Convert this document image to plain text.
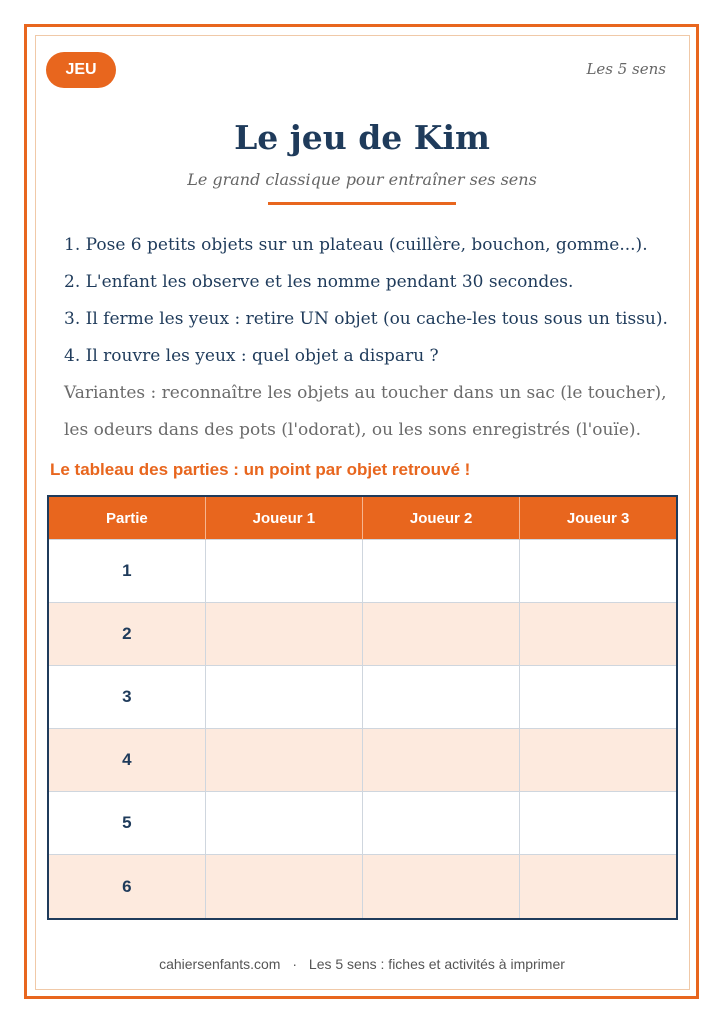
JEU	Les 5 sens
Le jeu de Kim
Le grand classique pour entraîner ses sens
1. Pose 6 petits objets sur un plateau (cuillère, bouchon, gomme...).
2. L'enfant les observe et les nomme pendant 30 secondes.
3. Il ferme les yeux : retire UN objet (ou cache-les tous sous un tissu).
4. Il rouvre les yeux : quel objet a disparu ?
Variantes : reconnaître les objets au toucher dans un sac (le toucher),
les odeurs dans des pots (l'odorat), ou les sons enregistrés (l'ouïe).
Le tableau des parties : un point par objet retrouvé !
Partie	Joueur 1	Joueur 2	Joueur 3
1			
2			
3			
4			
5			
6			
cahiersenfants.com · Les 5 sens : fiches et activités à imprimer
